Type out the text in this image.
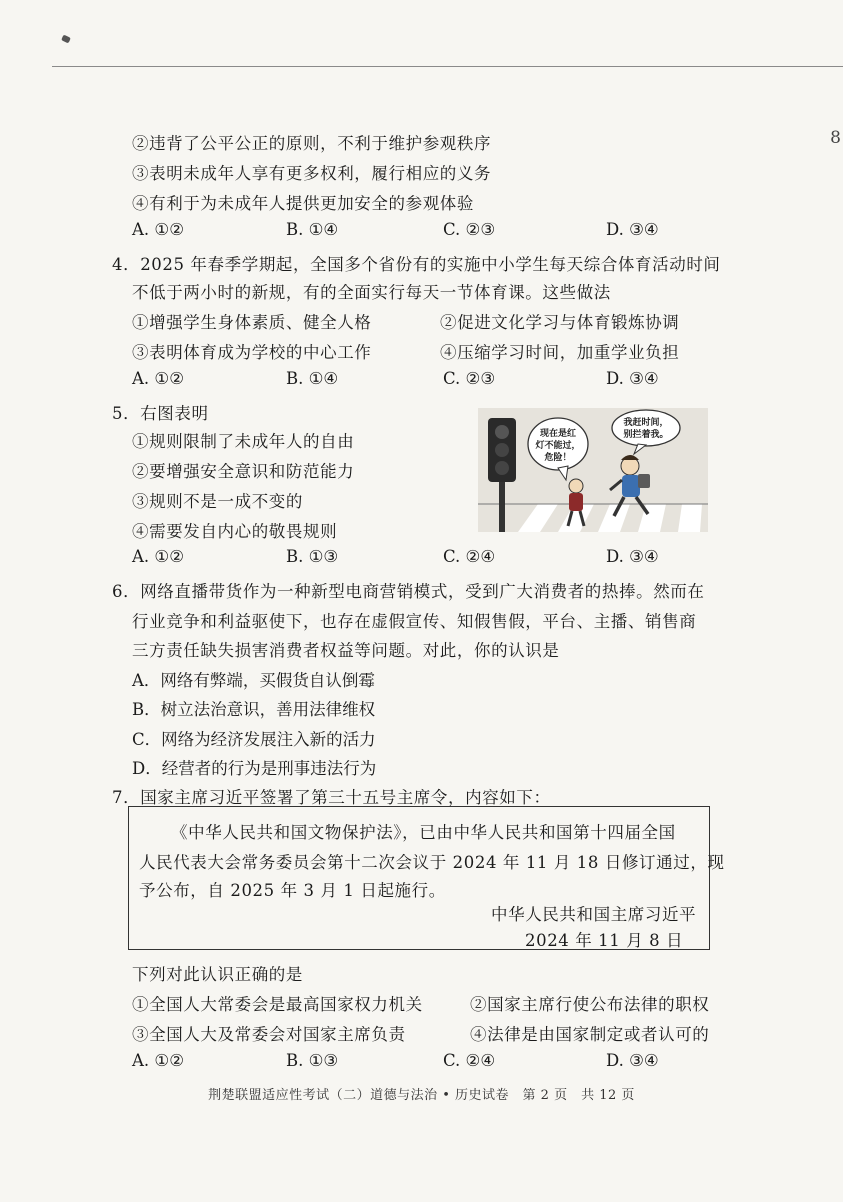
8
②违背了公平公正的原则，不利于维护参观秩序
③表明未成年人享有更多权利，履行相应的义务
④有利于为未成年人提供更加安全的参观体验
A. ①②	B. ①④	C. ②③	D. ③④
4．2025 年春季学期起，全国多个省份有的实施中小学生每天综合体育活动时间
不低于两小时的新规，有的全面实行每天一节体育课。这些做法
①增强学生身体素质、健全人格	②促进文化学习与体育锻炼协调
③表明体育成为学校的中心工作	④压缩学习时间，加重学业负担
A. ①②	B. ①④	C. ②③	D. ③④
5．右图表明
①规则限制了未成年人的自由
②要增强安全意识和防范能力
③规则不是一成不变的
④需要发自内心的敬畏规则
A. ①②	B. ①③	C. ②④	D. ③④
现在是红
灯不能过，
危险！
我赶时间，
别拦着我。
6．网络直播带货作为一种新型电商营销模式，受到广大消费者的热捧。然而在
行业竞争和利益驱使下，也存在虚假宣传、知假售假，平台、主播、销售商
三方责任缺失损害消费者权益等问题。对此，你的认识是
A．网络有弊端，买假货自认倒霉
B．树立法治意识，善用法律维权
C．网络为经济发展注入新的活力
D．经营者的行为是刑事违法行为
7．国家主席习近平签署了第三十五号主席令，内容如下：
《中华人民共和国文物保护法》，已由中华人民共和国第十四届全国
人民代表大会常务委员会第十二次会议于 2024 年 11 月 18 日修订通过，现
予公布，自 2025 年 3 月 1 日起施行。
中华人民共和国主席习近平
2024 年 11 月 8 日
下列对此认识正确的是
①全国人大常委会是最高国家权力机关	②国家主席行使公布法律的职权
③全国人大及常委会对国家主席负责	④法律是由国家制定或者认可的
A. ①②	B. ①③	C. ②④	D. ③④
荆楚联盟适应性考试（二）道德与法治 • 历史试卷　第 2 页　共 12 页
